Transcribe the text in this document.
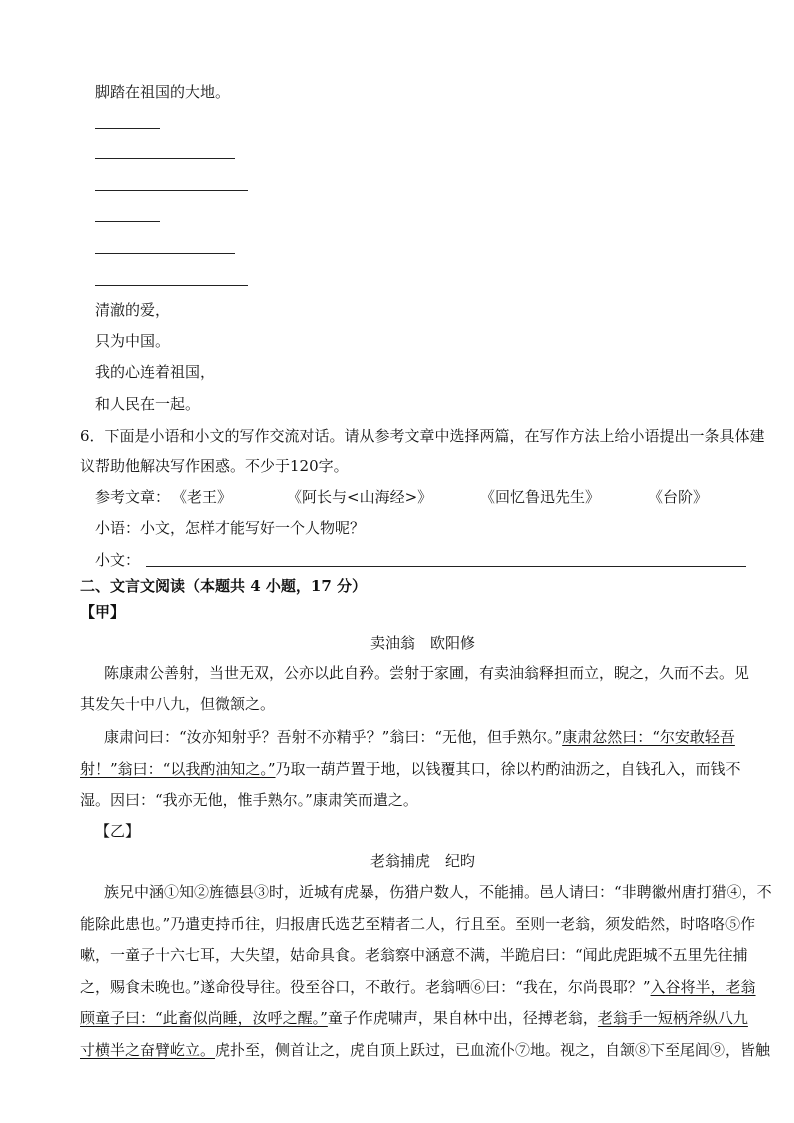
脚踏在祖国的大地。
清澈的爱，
只为中国。
我的心连着祖国，
和人民在一起。
6．下面是小语和小文的写作交流对话。请从参考文章中选择两篇，在写作方法上给小语提出一条具体建
议帮助他解决写作困惑。不少于120字。
参考文章： 《老王》	《阿长与<山海经>》	《回忆鲁迅先生》	《台阶》
小语：小文，怎样才能写好一个人物呢？
小文：
二、文言文阅读（本题共 4 小题，17 分）
【甲】
卖油翁　欧阳修
陈康肃公善射，当世无双，公亦以此自矜。尝射于家圃，有卖油翁释担而立，睨之，久而不去。见
其发矢十中八九，但微颔之。
康肃问曰：“汝亦知射乎？吾射不亦精乎？”翁曰：“无他，但手熟尔。”康肃忿然曰：“尔安敢轻吾
射！”翁曰：“以我酌油知之。”乃取一葫芦置于地，以钱覆其口，徐以杓酌油沥之，自钱孔入，而钱不
湿。因曰：“我亦无他，惟手熟尔。”康肃笑而遣之。
【乙】
老翁捕虎　纪昀
族兄中涵①知②旌德县③时，近城有虎暴，伤猎户数人，不能捕。邑人请曰：“非聘徽州唐打猎④，不
能除此患也。”乃遣吏持币往，归报唐氏选艺至精者二人，行且至。至则一老翁，须发皓然，时咯咯⑤作
嗽，一童子十六七耳，大失望，姑命具食。老翁察中涵意不满，半跪启曰：“闻此虎距城不五里先往捕
之，赐食未晚也。”遂命役导往。役至谷口，不敢行。老翁哂⑥曰：“我在，尔尚畏耶？”入谷将半，老翁
顾童子曰：“此畜似尚睡，汝呼之醒。”童子作虎啸声，果自林中出，径搏老翁，老翁手一短柄斧纵八九
寸横半之奋臂屹立。虎扑至，侧首让之，虎自顶上跃过，已血流仆⑦地。视之，自颔⑧下至尾闾⑨，皆触
